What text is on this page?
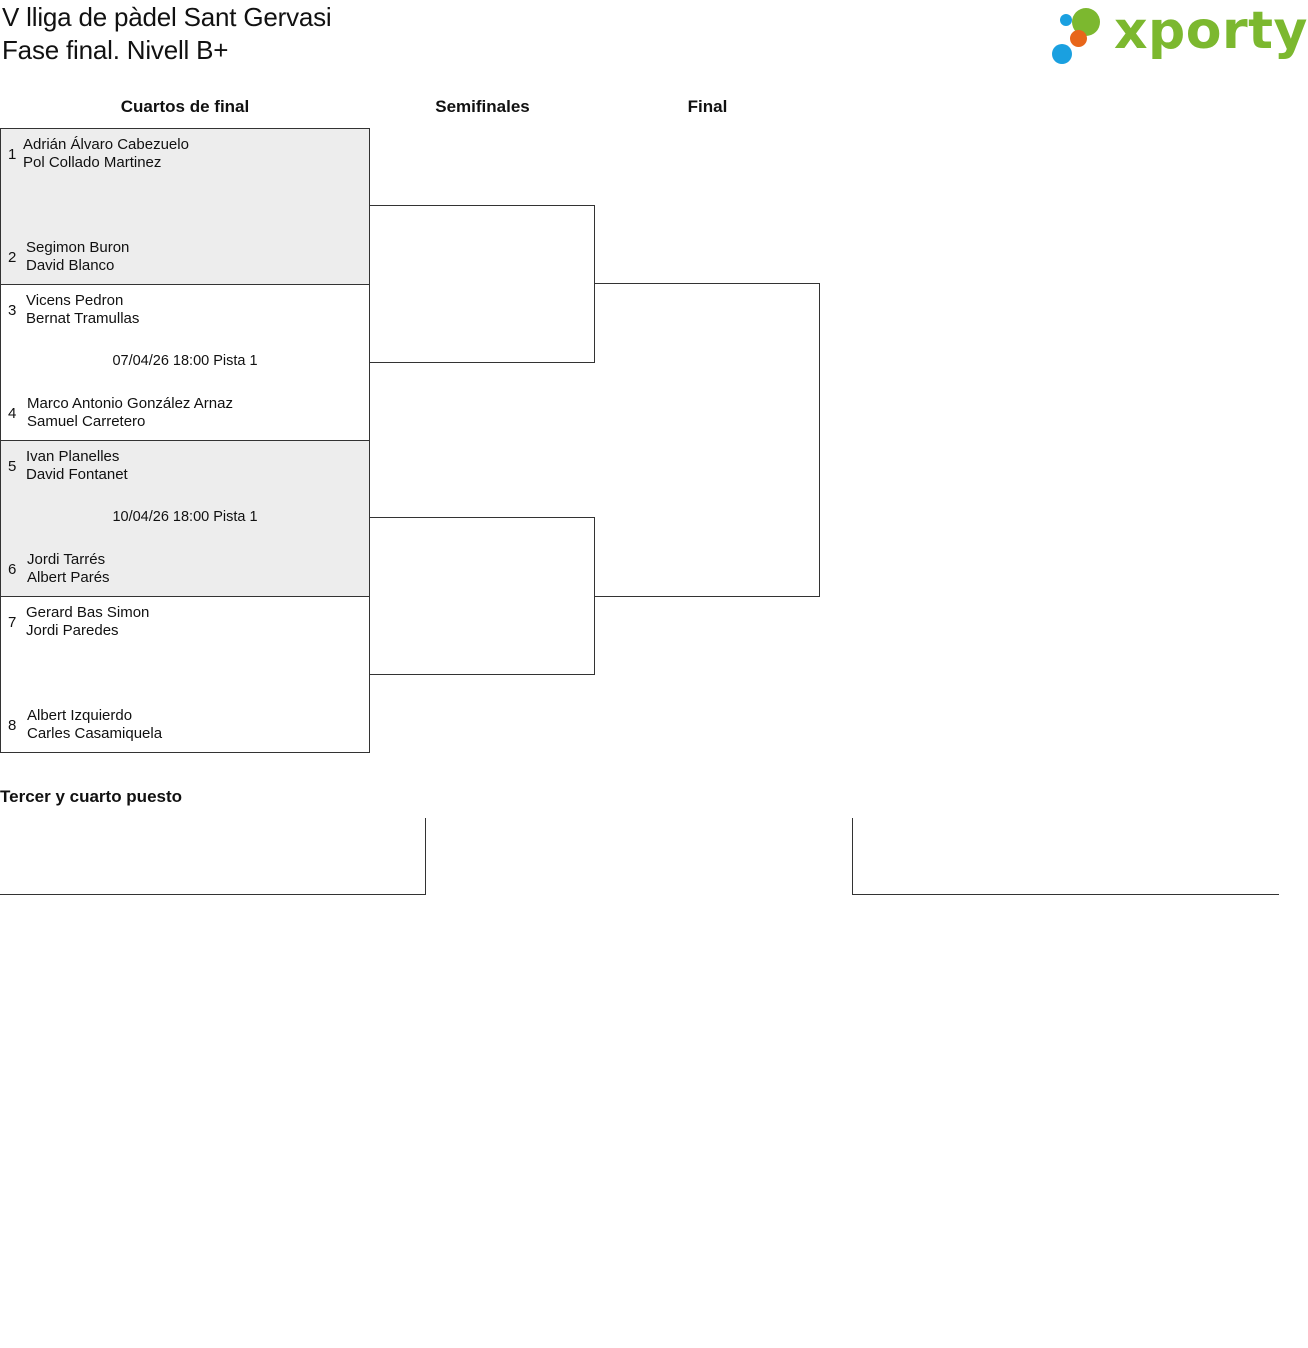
V lliga de pàdel Sant Gervasi
Fase final. Nivell B+	xporty
Cuartos de final	Semifinales	Final
1
Adrián Álvaro Cabezuelo
Pol Collado Martinez
2
Segimon Buron
David Blanco
3
Vicens Pedron
Bernat Tramullas
07/04/26 18:00 Pista 1
4
Marco Antonio González Arnaz
Samuel Carretero
5
Ivan Planelles
David Fontanet
10/04/26 18:00 Pista 1
6
Jordi Tarrés
Albert Parés
7
Gerard Bas Simon
Jordi Paredes
8
Albert Izquierdo
Carles Casamiquela
Tercer y cuarto puesto
